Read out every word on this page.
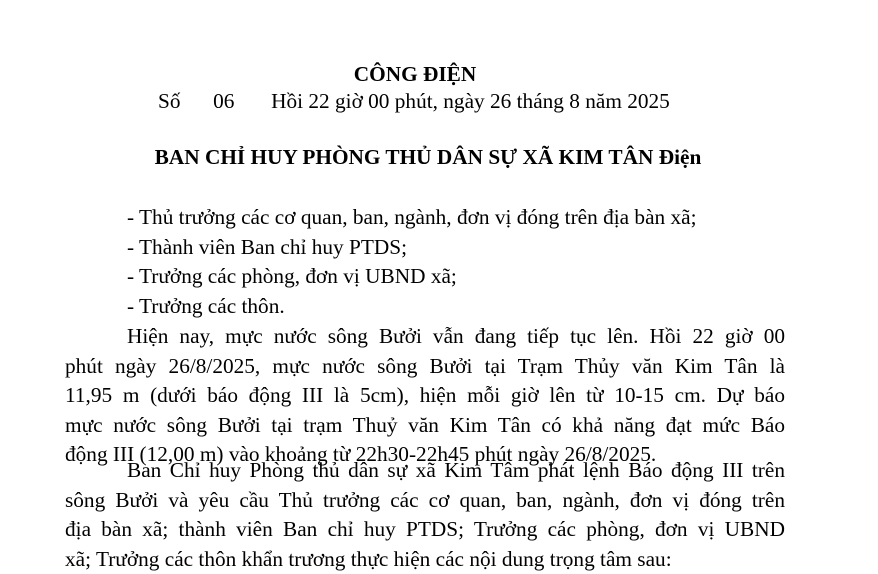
CÔNG ĐIỆN
Số 06 Hồi 22 giờ 00 phút, ngày 26 tháng 8 năm 2025
BAN CHỈ HUY PHÒNG THỦ DÂN SỰ XÃ KIM TÂN Điện
- Thủ trưởng các cơ quan, ban, ngành, đơn vị đóng trên địa bàn xã;
- Thành viên Ban chỉ huy PTDS;
- Trưởng các phòng, đơn vị UBND xã;
- Trưởng các thôn.
Hiện nay, mực nước sông Bưởi vẫn đang tiếp tục lên. Hồi 22 giờ 00
phút ngày 26/8/2025, mực nước sông Bưởi tại Trạm Thủy văn Kim Tân là
11,95 m (dưới báo động III là 5cm), hiện mỗi giờ lên từ 10-15 cm. Dự báo
mực nước sông Bưởi tại trạm Thuỷ văn Kim Tân có khả năng đạt mức Báo
động III (12,00 m) vào khoảng từ 22h30-22h45 phút ngày 26/8/2025.
Ban Chỉ huy Phòng thủ dân sự xã Kim Tâm phát lệnh Báo động III trên
sông Bưởi và yêu cầu Thủ trưởng các cơ quan, ban, ngành, đơn vị đóng trên
địa bàn xã; thành viên Ban chỉ huy PTDS; Trưởng các phòng, đơn vị UBND
xã; Trưởng các thôn khẩn trương thực hiện các nội dung trọng tâm sau:
